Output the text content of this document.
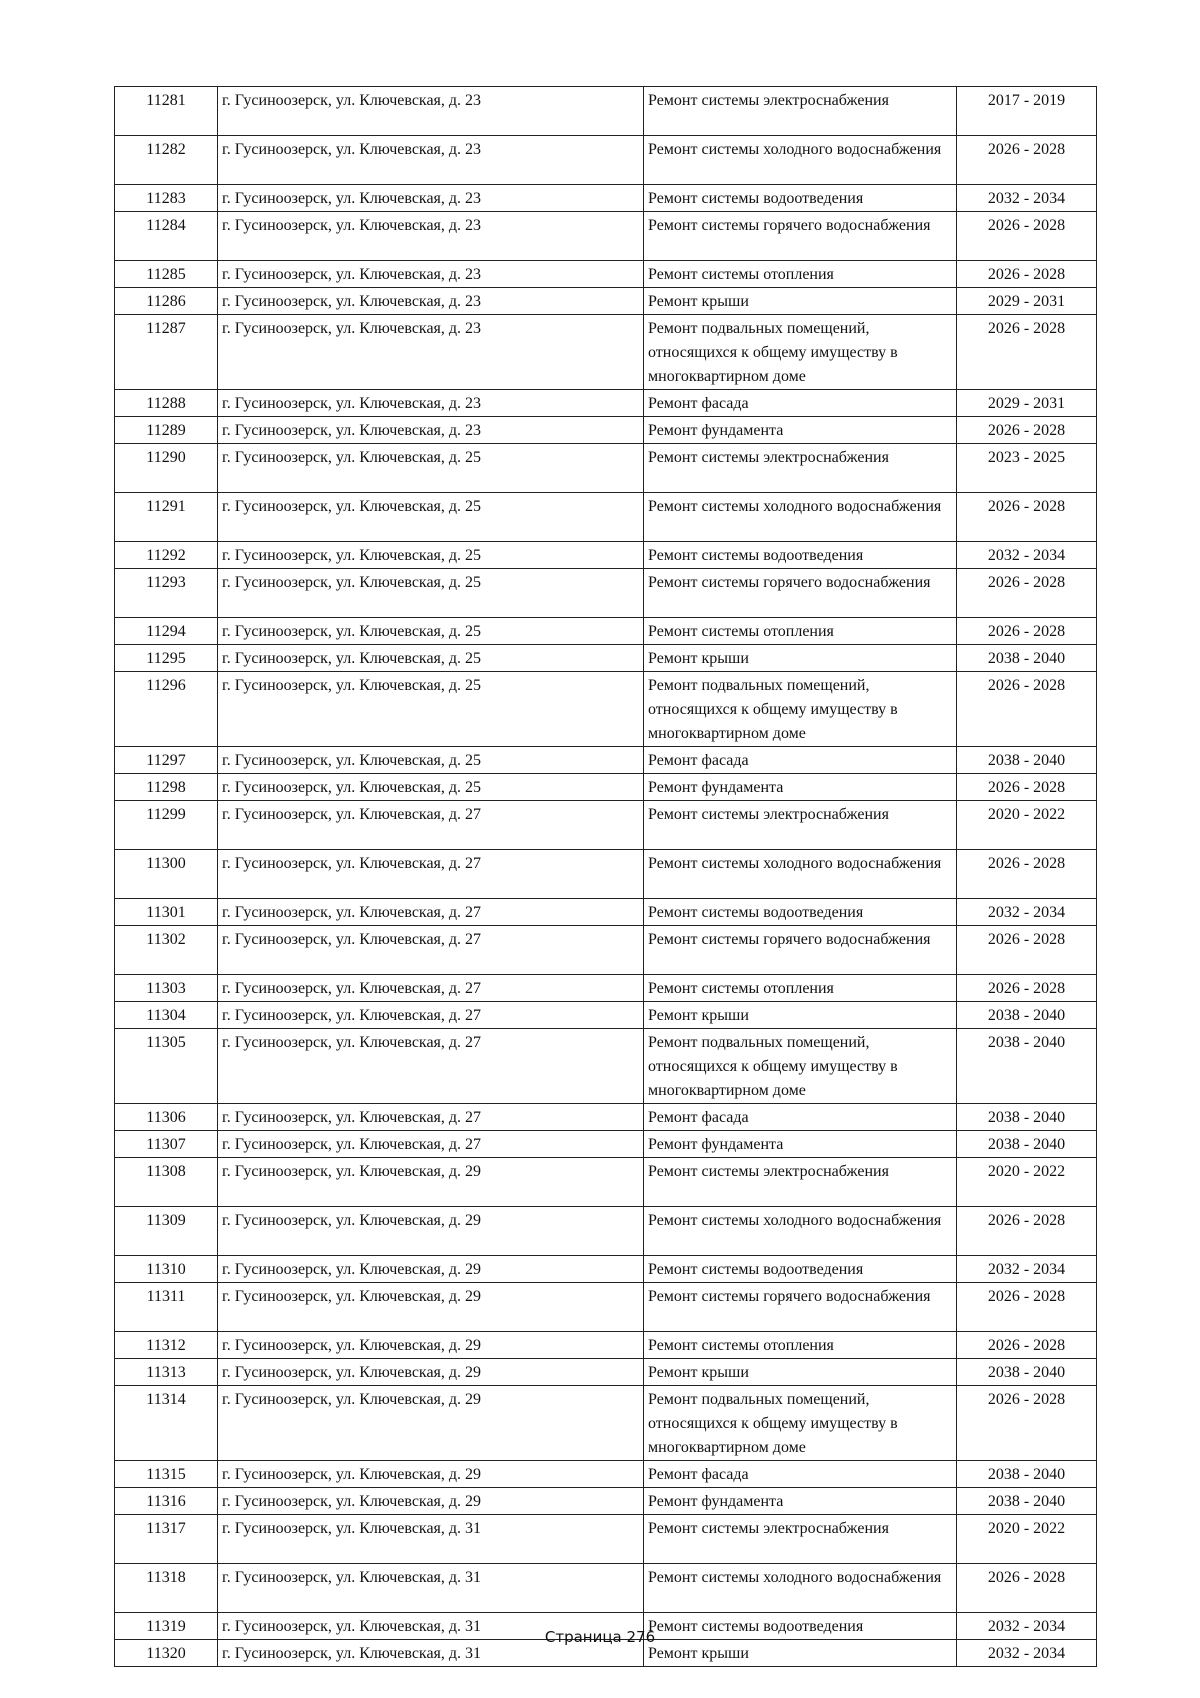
11281	г. Гусиноозерск, ул. Ключевская, д. 23	Ремонт системы электроснабжения	2017 - 2019
11282	г. Гусиноозерск, ул. Ключевская, д. 23	Ремонт системы холодного водоснабжения	2026 - 2028
11283	г. Гусиноозерск, ул. Ключевская, д. 23	Ремонт системы водоотведения	2032 - 2034
11284	г. Гусиноозерск, ул. Ключевская, д. 23	Ремонт системы горячего водоснабжения	2026 - 2028
11285	г. Гусиноозерск, ул. Ключевская, д. 23	Ремонт системы отопления	2026 - 2028
11286	г. Гусиноозерск, ул. Ключевская, д. 23	Ремонт крыши	2029 - 2031
11287	г. Гусиноозерск, ул. Ключевская, д. 23	Ремонт подвальных помещений, относящихся к общему имуществу в многоквартирном доме	2026 - 2028
11288	г. Гусиноозерск, ул. Ключевская, д. 23	Ремонт фасада	2029 - 2031
11289	г. Гусиноозерск, ул. Ключевская, д. 23	Ремонт фундамента	2026 - 2028
11290	г. Гусиноозерск, ул. Ключевская, д. 25	Ремонт системы электроснабжения	2023 - 2025
11291	г. Гусиноозерск, ул. Ключевская, д. 25	Ремонт системы холодного водоснабжения	2026 - 2028
11292	г. Гусиноозерск, ул. Ключевская, д. 25	Ремонт системы водоотведения	2032 - 2034
11293	г. Гусиноозерск, ул. Ключевская, д. 25	Ремонт системы горячего водоснабжения	2026 - 2028
11294	г. Гусиноозерск, ул. Ключевская, д. 25	Ремонт системы отопления	2026 - 2028
11295	г. Гусиноозерск, ул. Ключевская, д. 25	Ремонт крыши	2038 - 2040
11296	г. Гусиноозерск, ул. Ключевская, д. 25	Ремонт подвальных помещений, относящихся к общему имуществу в многоквартирном доме	2026 - 2028
11297	г. Гусиноозерск, ул. Ключевская, д. 25	Ремонт фасада	2038 - 2040
11298	г. Гусиноозерск, ул. Ключевская, д. 25	Ремонт фундамента	2026 - 2028
11299	г. Гусиноозерск, ул. Ключевская, д. 27	Ремонт системы электроснабжения	2020 - 2022
11300	г. Гусиноозерск, ул. Ключевская, д. 27	Ремонт системы холодного водоснабжения	2026 - 2028
11301	г. Гусиноозерск, ул. Ключевская, д. 27	Ремонт системы водоотведения	2032 - 2034
11302	г. Гусиноозерск, ул. Ключевская, д. 27	Ремонт системы горячего водоснабжения	2026 - 2028
11303	г. Гусиноозерск, ул. Ключевская, д. 27	Ремонт системы отопления	2026 - 2028
11304	г. Гусиноозерск, ул. Ключевская, д. 27	Ремонт крыши	2038 - 2040
11305	г. Гусиноозерск, ул. Ключевская, д. 27	Ремонт подвальных помещений, относящихся к общему имуществу в многоквартирном доме	2038 - 2040
11306	г. Гусиноозерск, ул. Ключевская, д. 27	Ремонт фасада	2038 - 2040
11307	г. Гусиноозерск, ул. Ключевская, д. 27	Ремонт фундамента	2038 - 2040
11308	г. Гусиноозерск, ул. Ключевская, д. 29	Ремонт системы электроснабжения	2020 - 2022
11309	г. Гусиноозерск, ул. Ключевская, д. 29	Ремонт системы холодного водоснабжения	2026 - 2028
11310	г. Гусиноозерск, ул. Ключевская, д. 29	Ремонт системы водоотведения	2032 - 2034
11311	г. Гусиноозерск, ул. Ключевская, д. 29	Ремонт системы горячего водоснабжения	2026 - 2028
11312	г. Гусиноозерск, ул. Ключевская, д. 29	Ремонт системы отопления	2026 - 2028
11313	г. Гусиноозерск, ул. Ключевская, д. 29	Ремонт крыши	2038 - 2040
11314	г. Гусиноозерск, ул. Ключевская, д. 29	Ремонт подвальных помещений, относящихся к общему имуществу в многоквартирном доме	2026 - 2028
11315	г. Гусиноозерск, ул. Ключевская, д. 29	Ремонт фасада	2038 - 2040
11316	г. Гусиноозерск, ул. Ключевская, д. 29	Ремонт фундамента	2038 - 2040
11317	г. Гусиноозерск, ул. Ключевская, д. 31	Ремонт системы электроснабжения	2020 - 2022
11318	г. Гусиноозерск, ул. Ключевская, д. 31	Ремонт системы холодного водоснабжения	2026 - 2028
11319	г. Гусиноозерск, ул. Ключевская, д. 31	Ремонт системы водоотведения	2032 - 2034
11320	г. Гусиноозерск, ул. Ключевская, д. 31	Ремонт крыши	2032 - 2034
Страница 276
